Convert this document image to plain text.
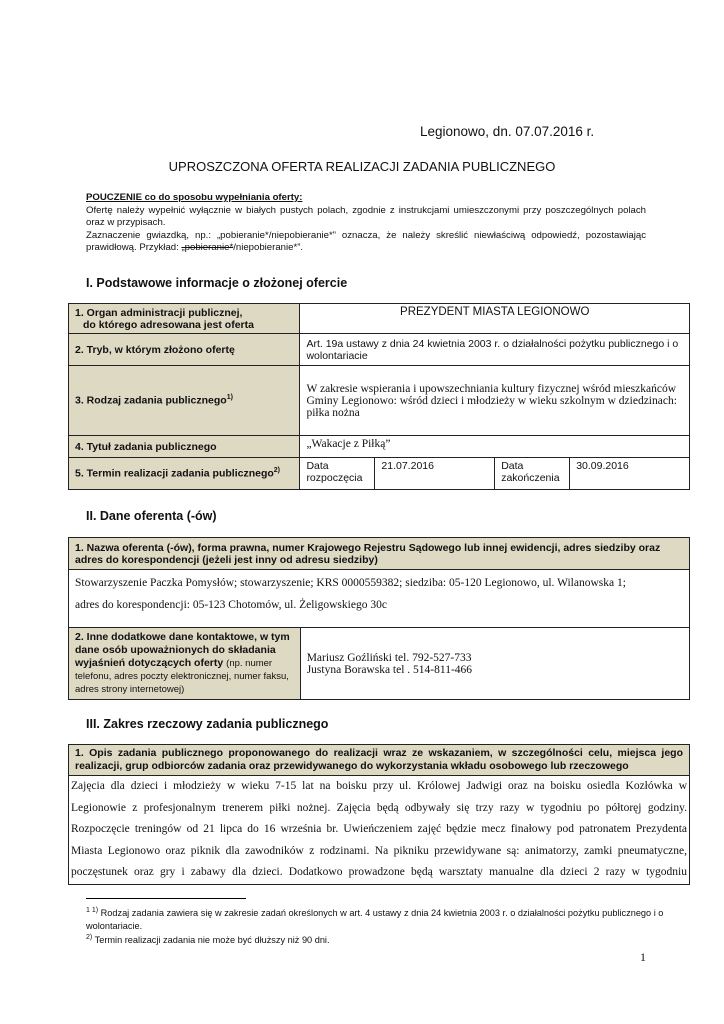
Legionowo, dn. 07.07.2016 r.
UPROSZCZONA OFERTA REALIZACJI ZADANIA PUBLICZNEGO
POUCZENIE co do sposobu wypełniania oferty:
Ofertę należy wypełnić wyłącznie w białych pustych polach, zgodnie z instrukcjami umieszczonymi przy poszczególnych polach oraz w przypisach.
Zaznaczenie gwiazdką, np.: „pobieranie*/niepobieranie*” oznacza, że należy skreślić niewłaściwą odpowiedź, pozostawiając prawidłową. Przykład: „pobieranie*/niepobieranie*”.
I. Podstawowe informacje o złożonej ofercie
1. Organ administracji publicznej,
do którego adresowana jest oferta	PREZYDENT MIASTA LEGIONOWO			
2. Tryb, w którym złożono ofertę	Art. 19a ustawy z dnia 24 kwietnia 2003 r. o działalności pożytku publicznego i o wolontariacie			
3. Rodzaj zadania publicznego$^{1)}$	W zakresie wspierania i upowszechniania kultury fizycznej wśród mieszkańców Gminy Legionowo: wśród dzieci i młodzieży w wieku szkolnym w dziedzinach: piłka nożna			
4. Tytuł zadania publicznego	„Wakacje z Piłką”			
5. Termin realizacji zadania publicznego$^{2)}$	Data rozpoczęcia	21.07.2016	Data zakończenia	30.09.2016
II. Dane oferenta (-ów)
1. Nazwa oferenta (-ów), forma prawna, numer Krajowego Rejestru Sądowego lub innej ewidencji, adres siedziby oraz adres do korespondencji (jeżeli jest inny od adresu siedziby)

Stowarzyszenie Paczka Pomysłów; stowarzyszenie; KRS 0000559382; siedziba: 05-120 Legionowo, ul. Wilanowska 1;
adres do korespondencji: 05-123 Chotomów, ul. Żeligowskiego 30c

2. Inne dodatkowe dane kontaktowe, w tym dane osób upoważnionych do składania wyjaśnień dotyczących oferty (np. numer telefonu, adres poczty elektronicznej, numer faksu, adres strony internetowej)	
Mariusz Goźliński tel. 792-527-733
Justyna Borawska tel . 514-811-466
III. Zakres rzeczowy zadania publicznego
1. Opis zadania publicznego proponowanego do realizacji wraz ze wskazaniem, w szczególności celu, miejsca jego realizacji, grup odbiorców zadania oraz przewidywanego do wykorzystania wkładu osobowego lub rzeczowego

Zajęcia dla dzieci i młodzieży w wieku 7-15 lat na boisku przy ul. Królowej Jadwigi oraz na boisku osiedla Kozłówka w
Legionowie z profesjonalnym trenerem piłki nożnej. Zajęcia będą odbywały się trzy razy w tygodniu po półtoręj godziny.
Rozpoczęcie treningów od 21 lipca do 16 września br. Uwieńczeniem zajęć będzie mecz finałowy pod patronatem Prezydenta
Miasta Legionowo oraz piknik dla zawodników z rodzinami. Na pikniku przewidywane są: animatorzy, zamki pneumatyczne,
poczęstunek oraz gry i zabawy dla dzieci. Dodatkowo prowadzone będą warsztaty manualne dla dzieci 2 razy w tygodniu
$^{1 1)}$ Rodzaj zadania zawiera się w zakresie zadań określonych w art. 4 ustawy z dnia 24 kwietnia 2003 r. o działalności pożytku publicznego i o wolontariacie.
$^{2)}$ Termin realizacji zadania nie może być dłuższy niż 90 dni.
1
